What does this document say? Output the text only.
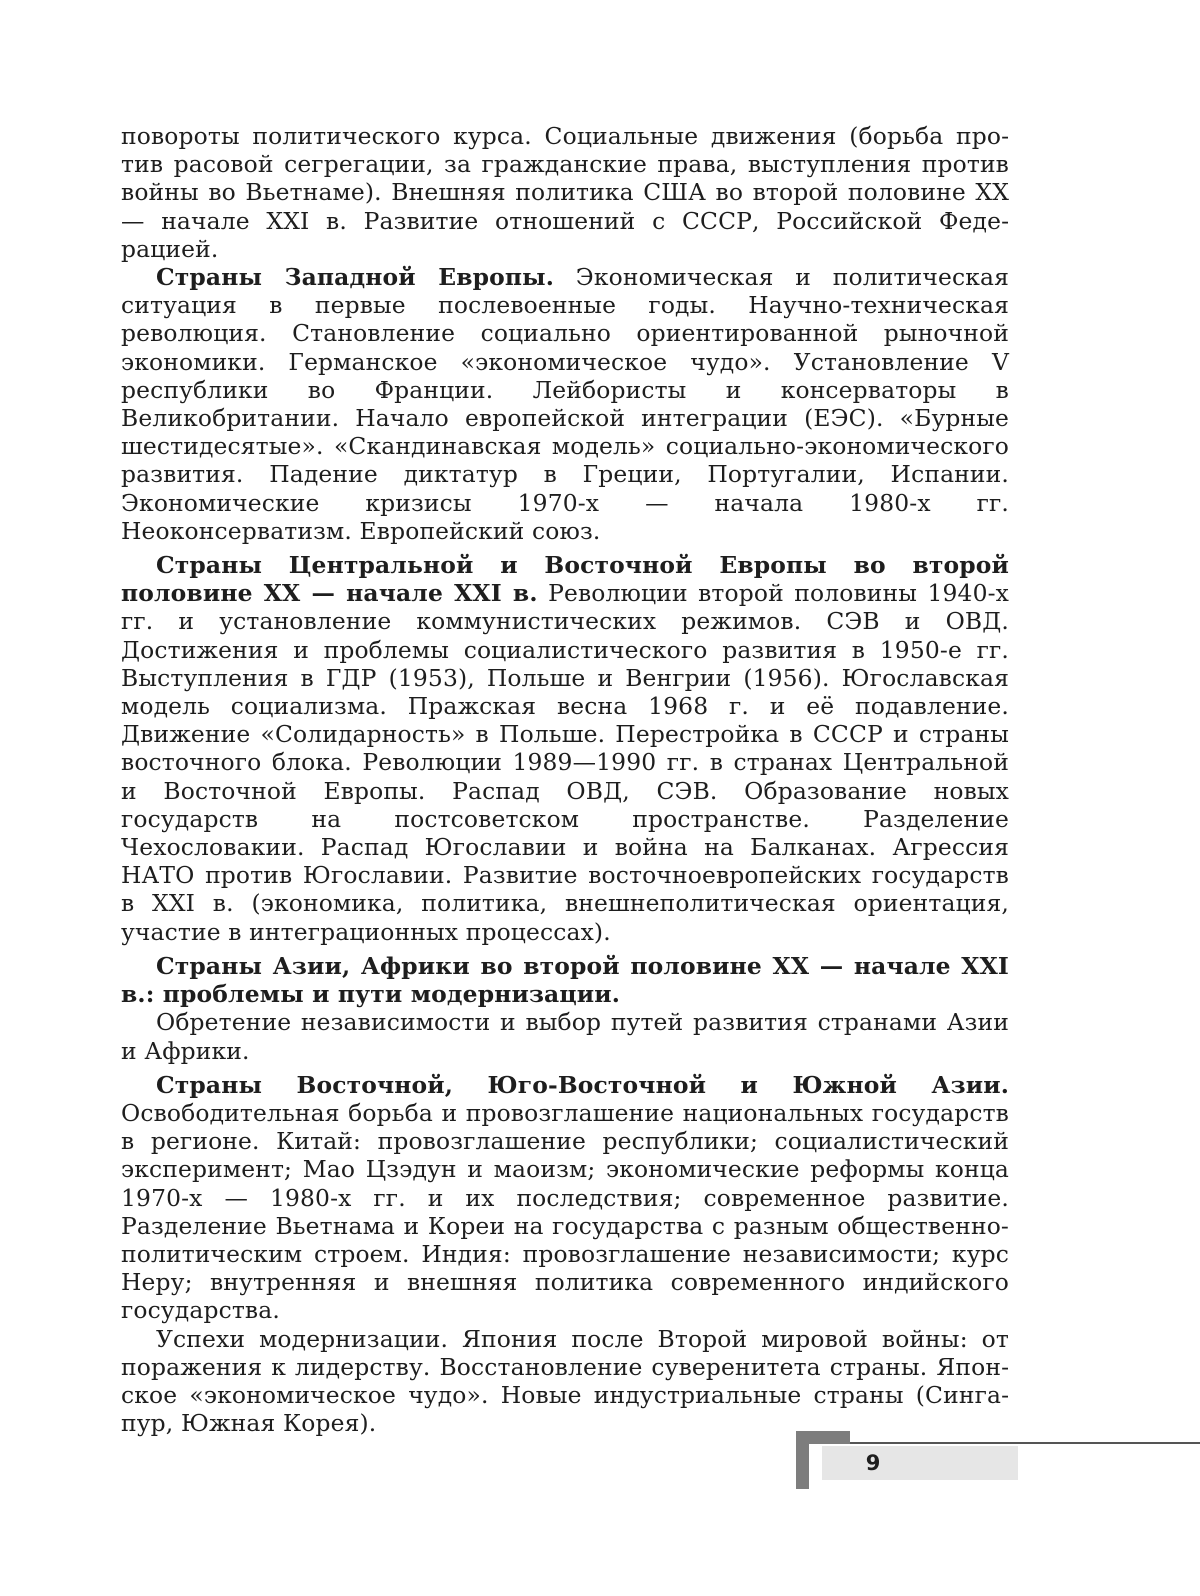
повороты политического курса. Социальные движения (борьба против расовой сегрегации, за гражданские права, выступления против войны во Вьетнаме). Внешняя политика США во второй половине XX — начале XXI в. Развитие отношений с СССР, Российской Федерацией.

Страны Западной Европы. Экономическая и политическая ситуация в первые послевоенные годы. Научно-техническая революция. Становление социально ориентированной рыночной экономики. Германское «экономическое чудо». Установление V республики во Франции. Лейбористы и консерваторы в Великобритании. Начало европейской интеграции (ЕЭС). «Бурные шестидесятые». «Скандинавская модель» социально-экономического развития. Падение диктатур в Греции, Португалии, Испании. Экономические кризисы 1970-х — начала 1980-х гг. Неоконсерватизм. Европейский союз.

Страны Центральной и Восточной Европы во второй половине XX — начале XXI в. Революции второй половины 1940-х гг. и установление коммунистических режимов. СЭВ и ОВД. Достижения и проблемы социалистического развития в 1950-е гг. Выступления в ГДР (1953), Польше и Венгрии (1956). Югославская модель социализма. Пражская весна 1968 г. и её подавление. Движение «Солидарность» в Польше. Перестройка в СССР и страны восточного блока. Революции 1989—1990 гг. в странах Центральной и Восточной Европы. Распад ОВД, СЭВ. Образование новых государств на постсоветском пространстве. Разделение Чехословакии. Распад Югославии и война на Балканах. Агрессия НАТО против Югославии. Развитие восточноевропейских государств в XXI в. (экономика, политика, внешнеполитическая ориентация, участие в интеграционных процессах).

Страны Азии, Африки во второй половине XX — начале XXI в.: проблемы и пути модернизации.

Обретение независимости и выбор путей развития странами Азии и Африки.

Страны Восточной, Юго-Восточной и Южной Азии. Освободительная борьба и провозглашение национальных государств в регионе. Китай: провозглашение республики; социалистический эксперимент; Мао Цзэдун и маоизм; экономические реформы конца 1970-х — 1980-х гг. и их последствия; современное развитие. Разделение Вьетнама и Кореи на государства с разным общественно-политическим строем. Индия: провозглашение независимости; курс Неру; внутренняя и внешняя политика современного индийского государства.

Успехи модернизации. Япония после Второй мировой войны: от поражения к лидерству. Восстановление суверенитета страны. Японское «экономическое чудо». Новые индустриальные страны (Сингапур, Южная Корея).

9
